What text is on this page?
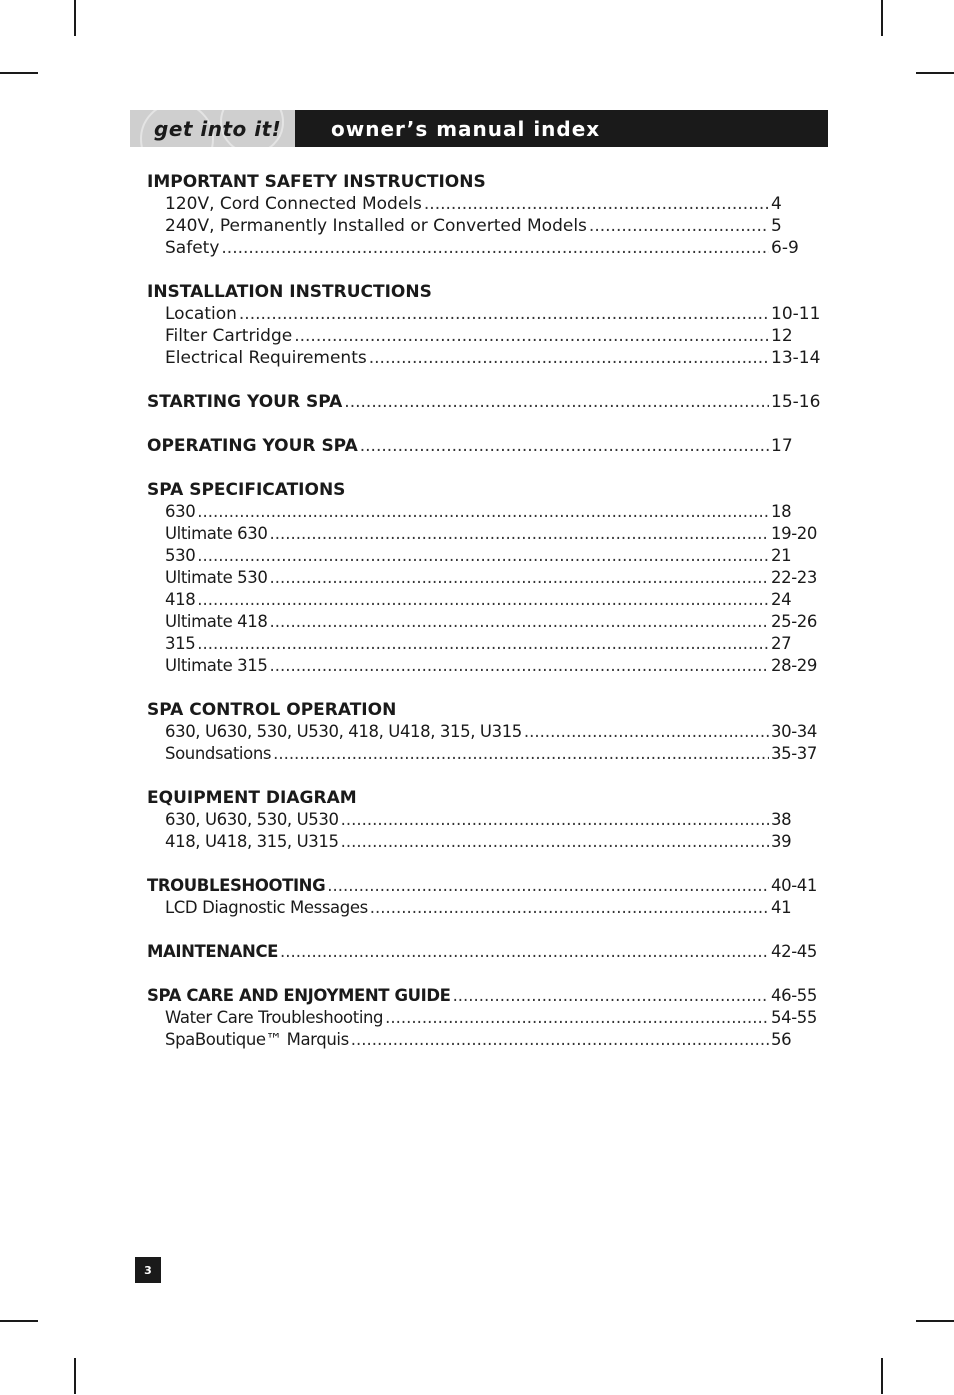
get into it! owner’s manual index
IMPORTANT SAFETY INSTRUCTIONS
120V, Cord Connected Models .....	4
240V, Permanently Installed or Converted Models .....	5
Safety .....	6-9
INSTALLATION INSTRUCTIONS
Location .....	10-11
Filter Cartridge .....	12
Electrical Requirements .....	13-14
STARTING YOUR SPA .....	15-16
OPERATING YOUR SPA .....	17
SPA SPECIFICATIONS
630 .....	18
Ultimate 630 .....	19-20
530 .....	21
Ultimate 530 .....	22-23
418 .....	24
Ultimate 418 .....	25-26
315 .....	27
Ultimate 315 .....	28-29
SPA CONTROL OPERATION
630, U630, 530, U530, 418, U418, 315, U315 .....	30-34
Soundsations .....	35-37
EQUIPMENT DIAGRAM
630, U630, 530, U530 .....	38
418, U418, 315, U315 .....	39
TROUBLESHOOTING .....	40-41
LCD Diagnostic Messages .....	41
MAINTENANCE .....	42-45
SPA CARE AND ENJOYMENT GUIDE .....	46-55
Water Care Troubleshooting .....	54-55
SpaBoutique™ Marquis .....	56
3
